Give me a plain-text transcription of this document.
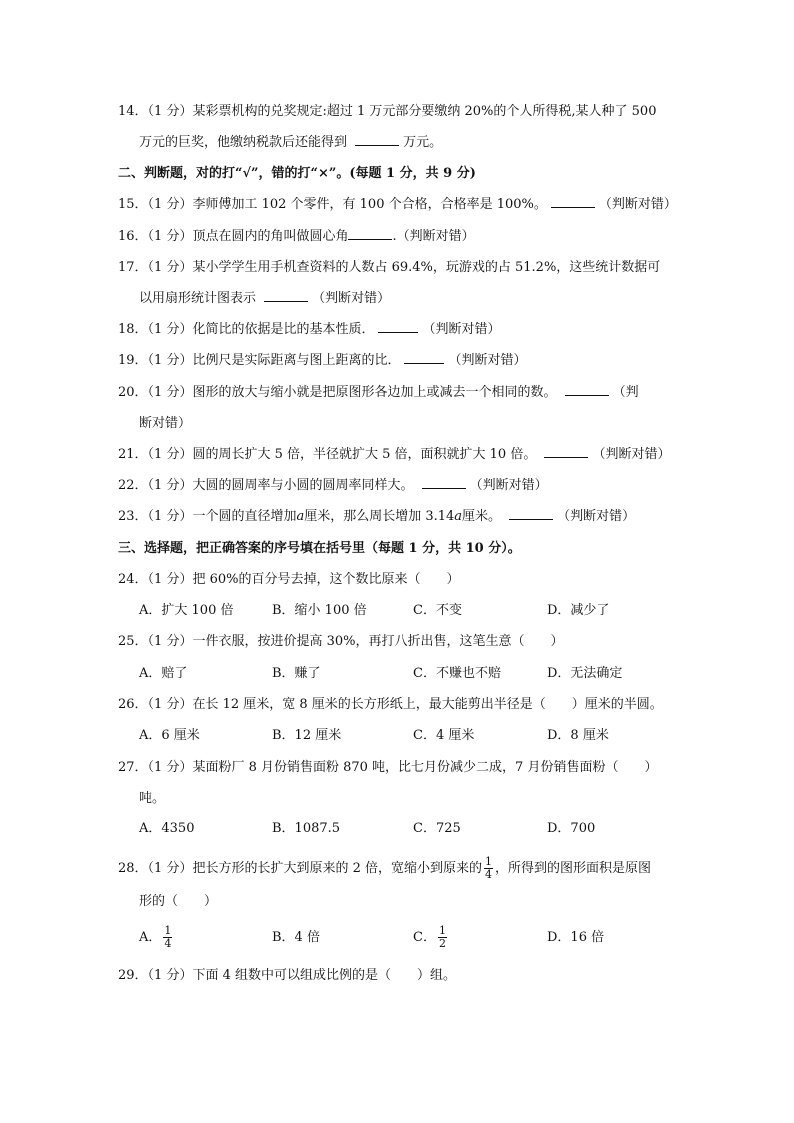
14．（1 分）某彩票机构的兑奖规定:超过 1 万元部分要缴纳 20%的个人所得税,某人种了 500
万元的巨奖，他缴纳税款后还能得到	万元。
二、判断题，对的打“√”，错的打“×”。(每题 1 分，共 9 分)
15．（1 分）李师傅加工 102 个零件，有 100 个合格，合格率是 100%。	（判断对错）
16．（1 分）顶点在圆内的角叫做圆心角	.（判断对错）
17．（1 分）某小学学生用手机查资料的人数占 69.4%，玩游戏的占 51.2%，这些统计数据可
以用扇形统计图表示	（判断对错）
18．（1 分）化简比的依据是比的基本性质．	（判断对错）
19．（1 分）比例尺是实际距离与图上距离的比．	（判断对错）
20．（1 分）图形的放大与缩小就是把原图形各边加上或减去一个相同的数。	（判
断对错）
21．（1 分）圆的周长扩大 5 倍，半径就扩大 5 倍，面积就扩大 10 倍。	（判断对错）
22．（1 分）大圆的圆周率与小圆的圆周率同样大。	（判断对错）
23．（1 分）一个圆的直径增加𝑎厘米，那么周长增加 3.14𝑎厘米。	（判断对错）
三、选择题，把正确答案的序号填在括号里（每题 1 分，共 10 分）。
24．（1 分）把 60%的百分号去掉，这个数比原来（　　）
A．扩大 100 倍	B．缩小 100 倍	C．不变	D．减少了
25．（1 分）一件衣服，按进价提高 30%，再打八折出售，这笔生意（　　）
A．赔了	B．赚了	C．不赚也不赔	D．无法确定
26．（1 分）在长 12 厘米，宽 8 厘米的长方形纸上，最大能剪出半径是（　　）厘米的半圆。
A．6 厘米	B．12 厘米	C．4 厘米	D．8 厘米
27．（1 分）某面粉厂 8 月份销售面粉 870 吨，比七月份减少二成，7 月份销售面粉（　　）
吨。
A．4350	B．1087.5	C．725	D．700
28．（1 分）把长方形的长扩大到原来的 2 倍，宽缩小到原来的 $\frac{1}{4}$ ，所得到的图形面积是原图
形的（　　）
A． $\frac{1}{4}$	B．4 倍	C． $\frac{1}{2}$	D．16 倍
29．（1 分）下面 4 组数中可以组成比例的是（　　）组。
